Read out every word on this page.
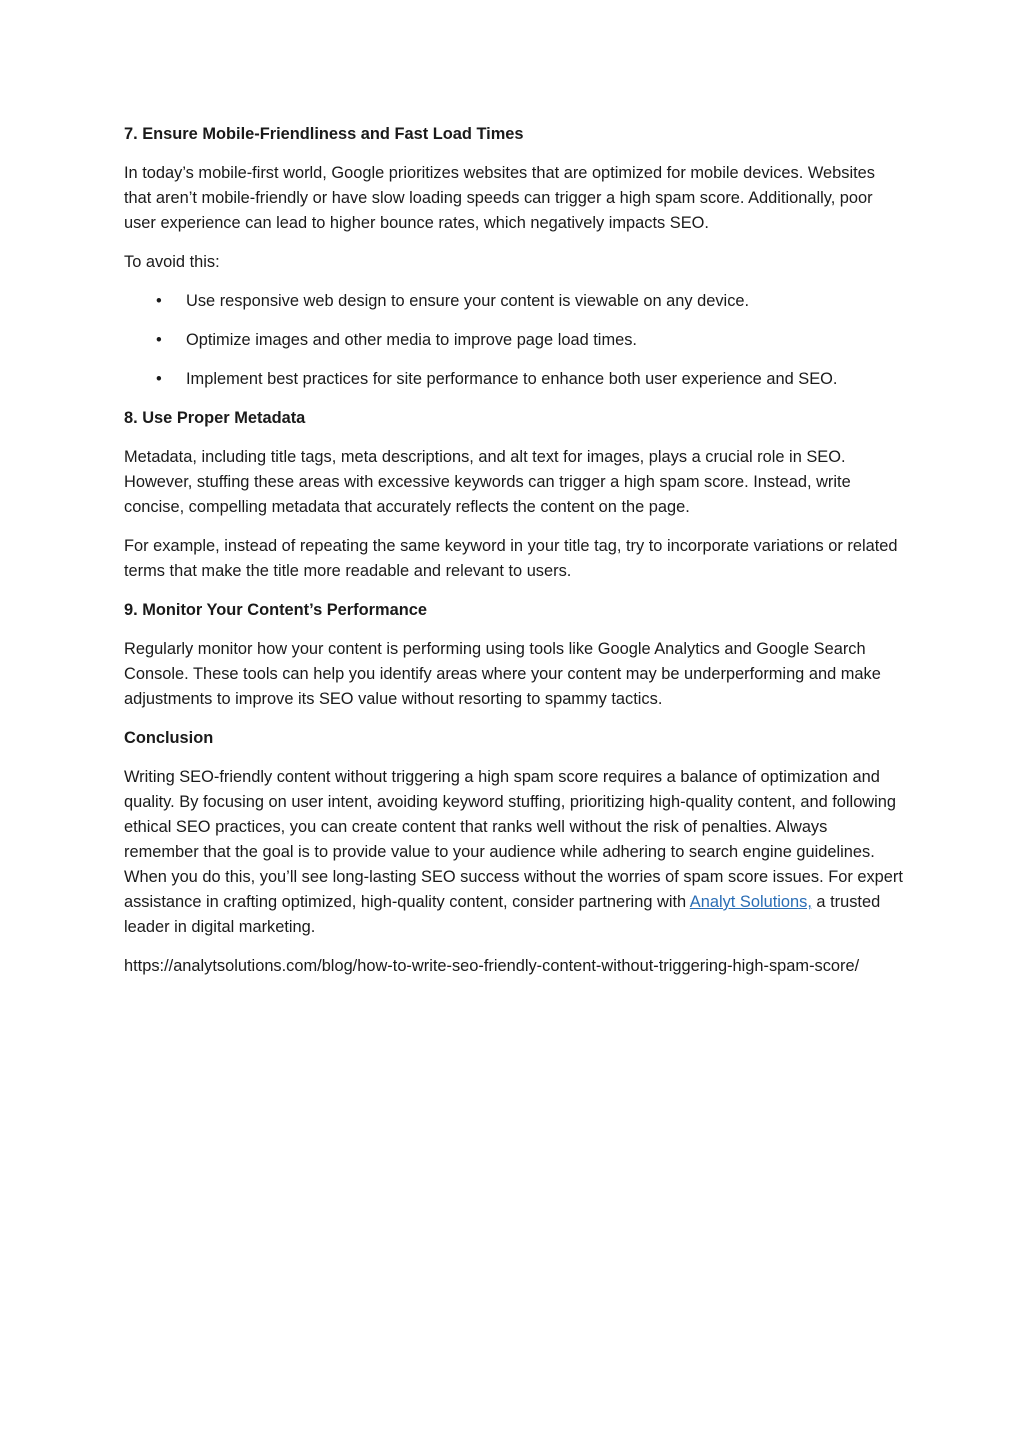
7. Ensure Mobile-Friendliness and Fast Load Times

In today’s mobile-first world, Google prioritizes websites that are optimized for mobile devices. Websites that aren’t mobile-friendly or have slow loading speeds can trigger a high spam score. Additionally, poor user experience can lead to higher bounce rates, which negatively impacts SEO.

To avoid this:

• Use responsive web design to ensure your content is viewable on any device.
• Optimize images and other media to improve page load times.
• Implement best practices for site performance to enhance both user experience and SEO.
8. Use Proper Metadata

Metadata, including title tags, meta descriptions, and alt text for images, plays a crucial role in SEO. However, stuffing these areas with excessive keywords can trigger a high spam score. Instead, write concise, compelling metadata that accurately reflects the content on the page.

For example, instead of repeating the same keyword in your title tag, try to incorporate variations or related terms that make the title more readable and relevant to users.

9. Monitor Your Content’s Performance

Regularly monitor how your content is performing using tools like Google Analytics and Google Search Console. These tools can help you identify areas where your content may be underperforming and make adjustments to improve its SEO value without resorting to spammy tactics.

Conclusion

Writing SEO-friendly content without triggering a high spam score requires a balance of optimization and quality. By focusing on user intent, avoiding keyword stuffing, prioritizing high-quality content, and following ethical SEO practices, you can create content that ranks well without the risk of penalties. Always remember that the goal is to provide value to your audience while adhering to search engine guidelines. When you do this, you’ll see long-lasting SEO success without the worries of spam score issues. For expert assistance in crafting optimized, high-quality content, consider partnering with Analyt Solutions, a trusted leader in digital marketing.

https://analytsolutions.com/blog/how-to-write-seo-friendly-content-without-triggering-high-spam-score/
